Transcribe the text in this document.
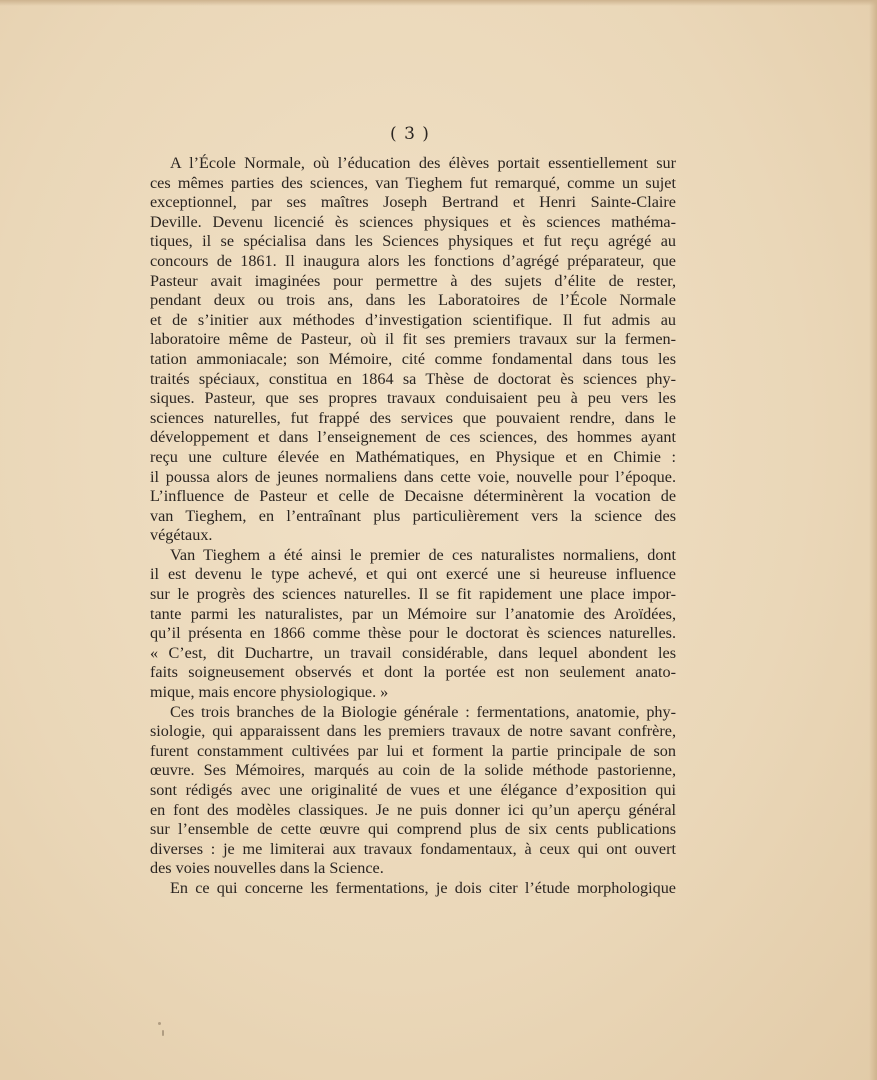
( 3 )
A l’École Normale, où l’éducation des élèves portait essentiellement sur
ces mêmes parties des sciences, van Tieghem fut remarqué, comme un sujet
exceptionnel, par ses maîtres Joseph Bertrand et Henri Sainte-Claire
Deville. Devenu licencié ès sciences physiques et ès sciences mathéma-
tiques, il se spécialisa dans les Sciences physiques et fut reçu agrégé au
concours de 1861. Il inaugura alors les fonctions d’agrégé préparateur, que
Pasteur avait imaginées pour permettre à des sujets d’élite de rester,
pendant deux ou trois ans, dans les Laboratoires de l’École Normale
et de s’initier aux méthodes d’investigation scientifique. Il fut admis au
laboratoire même de Pasteur, où il fit ses premiers travaux sur la fermen-
tation ammoniacale; son Mémoire, cité comme fondamental dans tous les
traités spéciaux, constitua en 1864 sa Thèse de doctorat ès sciences phy-
siques. Pasteur, que ses propres travaux conduisaient peu à peu vers les
sciences naturelles, fut frappé des services que pouvaient rendre, dans le
développement et dans l’enseignement de ces sciences, des hommes ayant
reçu une culture élevée en Mathématiques, en Physique et en Chimie :
il poussa alors de jeunes normaliens dans cette voie, nouvelle pour l’époque.
L’influence de Pasteur et celle de Decaisne déterminèrent la vocation de
van Tieghem, en l’entraînant plus particulièrement vers la science des
végétaux.
Van Tieghem a été ainsi le premier de ces naturalistes normaliens, dont
il est devenu le type achevé, et qui ont exercé une si heureuse influence
sur le progrès des sciences naturelles. Il se fit rapidement une place impor-
tante parmi les naturalistes, par un Mémoire sur l’anatomie des Aroïdées,
qu’il présenta en 1866 comme thèse pour le doctorat ès sciences naturelles.
« C’est, dit Duchartre, un travail considérable, dans lequel abondent les
faits soigneusement observés et dont la portée est non seulement anato-
mique, mais encore physiologique. »
Ces trois branches de la Biologie générale : fermentations, anatomie, phy-
siologie, qui apparaissent dans les premiers travaux de notre savant confrère,
furent constamment cultivées par lui et forment la partie principale de son
œuvre. Ses Mémoires, marqués au coin de la solide méthode pastorienne,
sont rédigés avec une originalité de vues et une élégance d’exposition qui
en font des modèles classiques. Je ne puis donner ici qu’un aperçu général
sur l’ensemble de cette œuvre qui comprend plus de six cents publications
diverses : je me limiterai aux travaux fondamentaux, à ceux qui ont ouvert
des voies nouvelles dans la Science.
En ce qui concerne les fermentations, je dois citer l’étude morphologique
